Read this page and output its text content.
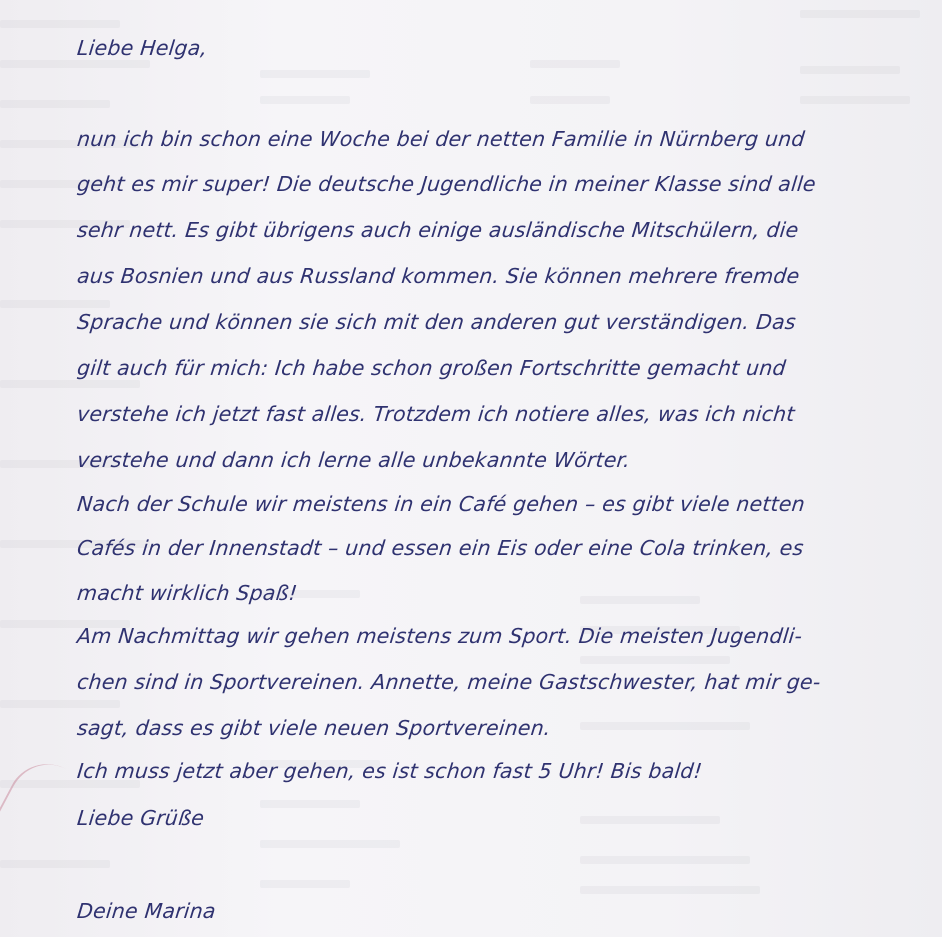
Liebe Helga,
nun ich bin schon eine Woche bei der netten Familie in Nürnberg und
geht es mir super! Die deutsche Jugendliche in meiner Klasse sind alle
sehr nett. Es gibt übrigens auch einige ausländische Mitschülern, die
aus Bosnien und aus Russland kommen. Sie können mehrere fremde
Sprache und können sie sich mit den anderen gut verständigen. Das
gilt auch für mich: Ich habe schon großen Fortschritte gemacht und
verstehe ich jetzt fast alles. Trotzdem ich notiere alles, was ich nicht
verstehe und dann ich lerne alle unbekannte Wörter.
Nach der Schule wir meistens in ein Café gehen – es gibt viele netten
Cafés in der Innenstadt – und essen ein Eis oder eine Cola trinken, es
macht wirklich Spaß!
Am Nachmittag wir gehen meistens zum Sport. Die meisten Jugendli-
chen sind in Sportvereinen. Annette, meine Gastschwester, hat mir ge-
sagt, dass es gibt viele neuen Sportvereinen.
Ich muss jetzt aber gehen, es ist schon fast 5 Uhr! Bis bald!
Liebe Grüße
Deine Marina
